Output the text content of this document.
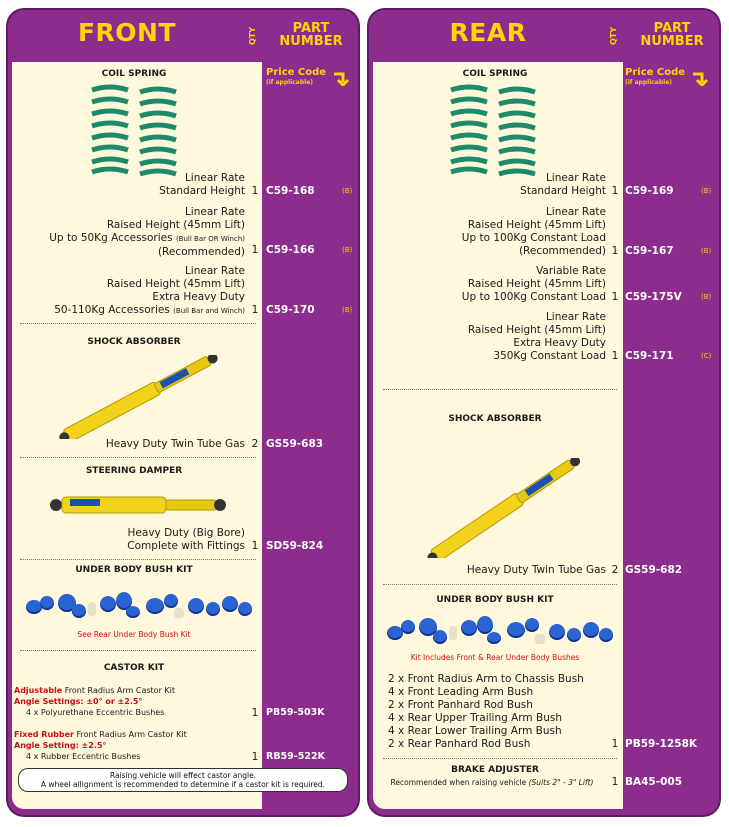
FRONT	QTY	PART NUMBER
Price Code
(if applicable)
COIL SPRING
Linear Rate
Standard Height 1 C59-168	(B)
Linear Rate
Raised Height (45mm Lift)
Up to 50Kg Accessories (Bull Bar OR Winch)
(Recommended) 1 C59-166	(B)
Linear Rate
Raised Height (45mm Lift)
Extra Heavy Duty
50-110Kg Accessories (Bull Bar and Winch) 1 C59-170	(B)
SHOCK ABSORBER
Heavy Duty Twin Tube Gas 2 GS59-683
STEERING DAMPER
Heavy Duty (Big Bore)
Complete with Fittings 1 SD59-824
UNDER BODY BUSH KIT
See Rear Under Body Bush Kit
CASTOR KIT
Adjustable Front Radius Arm Castor Kit
Angle Settings: ±0° or ±2.5°
4 x Polyurethane Eccentric Bushes	1 PB59-503K
Fixed Rubber Front Radius Arm Castor Kit
Angle Setting: ±2.5°
4 x Rubber Eccentric Bushes	1 RB59-522K
Raising vehicle will effect castor angle.
A wheel allignment is recommended to determine if a castor kit is required.
REAR	QTY	PART NUMBER
Price Code
(if applicable)
COIL SPRING
Linear Rate
Standard Height 1 C59-169	(B)
Linear Rate
Raised Height (45mm Lift)
Up to 100Kg Constant Load
(Recommended) 1 C59-167	(B)
Variable Rate
Raised Height (45mm Lift)
Up to 100Kg Constant Load 1 C59-175V	(B)
Linear Rate
Raised Height (45mm Lift)
Extra Heavy Duty
350Kg Constant Load 1 C59-171	(C)
SHOCK ABSORBER
Heavy Duty Twin Tube Gas 2 GS59-682
UNDER BODY BUSH KIT
Kit Includes Front & Rear Under Body Bushes
2 x Front Radius Arm to Chassis Bush
4 x Front Leading Arm Bush
2 x Front Panhard Rod Bush
4 x Rear Upper Trailing Arm Bush
4 x Rear Lower Trailing Arm Bush
2 x Rear Panhard Rod Bush	1 PB59-1258K
BRAKE ADJUSTER
Recommended when raising vehicle (Suits 2" - 3" Lift)	1 BA45-005
